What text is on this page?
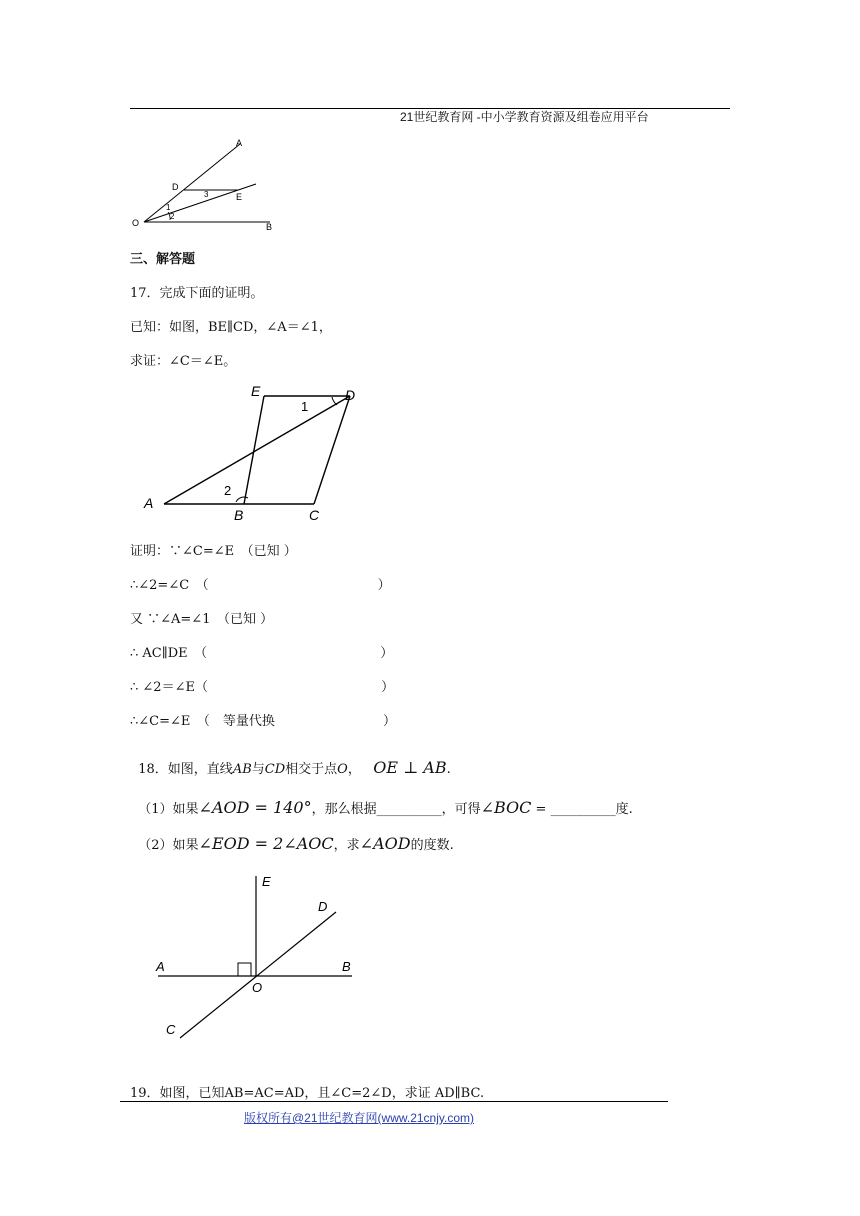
21世纪教育网 -中小学教育资源及组卷应用平台
A
D
E
O	B
1
2
3
三、解答题
17．完成下面的证明。
已知：如图，BE∥CD，∠A＝∠1，
求证：∠C＝∠E。
E	D
1
A
2
B	C
证明：∵∠C=∠E　（已知 ）
∴∠2=∠C　（　　　　　　　　　　　　　）
又 ∵∠A=∠1　（已知 ）
∴ AC∥DE　（　　　　　　　　　　　　　 ）
∴ ∠2＝∠E（　　　　　　　　　　　　　 ）
∴∠C=∠E　（　等量代换　　　　　　　　 ）

18．如图，直线AB与CD相交于点O， OE ⊥ AB.

（1）如果∠AOD = 140°，那么根据__________，可得∠BOC = __________度.

（2）如果∠EOD = 2∠AOC，求∠AOD的度数.

E
D
A	B
O
C
19．如图，已知AB=AC=AD，且∠C=2∠D，求证 AD∥BC.
版权所有@21世纪教育网(www.21cnjy.com)
